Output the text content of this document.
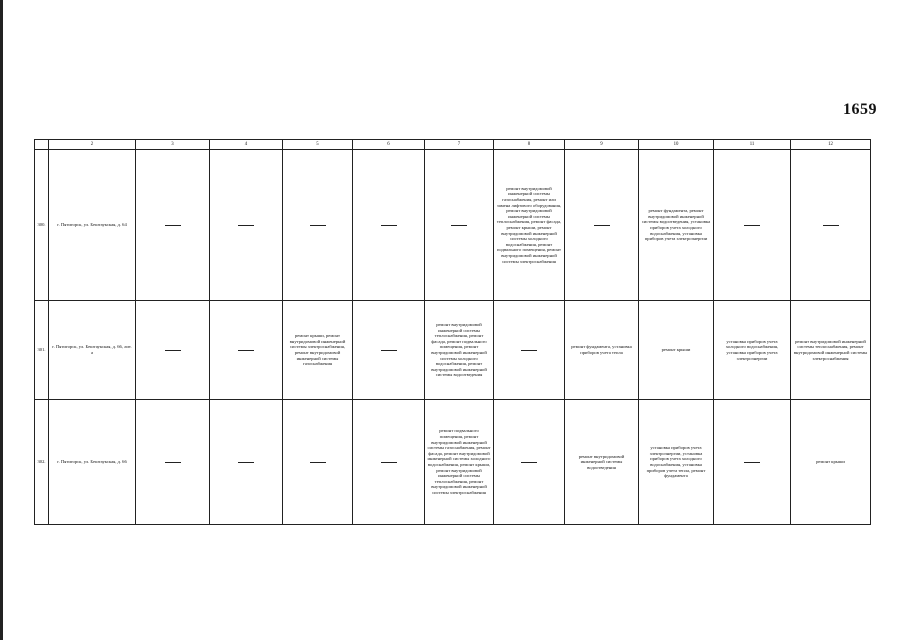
1659
	2	3	4	5	6	7	8	9	10	11	12
300.	г. Пятигорск, ул. Бештаукская, д. 64						ремонт внутридомовой инженерной системы газоснабжения, ремонт или замена лифтового оборудования, ремонт внутридомовой инженерной системы теплоснабжения, ремонт фасада, ремонт крыши, ремонт внутридомовой инженерной системы холодного водоснабжения, ремонт подвального помещения, ремонт внутридомовой инженерной системы электроснабжения		ремонт фундамента, ремонт внутридомовой инженерной системы водоотведения, установка приборов учета холодного водоснабжения, установка приборов учета электроэнергии		
301.	г. Пятигорск, ул. Бештаукская, д. 66, лит. а			ремонт крыши, ремонт внутридомовой инженерной системы электроснабжения, ремонт внутридомовой инженерной системы газоснабжения		ремонт внутридомовой инженерной системы теплоснабжения, ремонт фасада, ремонт подвального помещения, ремонт внутридомовой инженерной системы холодного водоснабжения, ремонт внутридомовой инженерной системы водоотведения		ремонт фундамента, установка приборов учета тепла	ремонт крыши	установка приборов учета холодного водоснабжения, установка приборов учета электроэнергии	ремонт внутридомовой инженерной системы теплоснабжения, ремонт внутридомовой инженерной системы электроснабжения
302.	г. Пятигорск, ул. Бештаукская, д. 66					ремонт подвального помещения, ремонт внутридомовой инженерной системы газоснабжения, ремонт фасада, ремонт внутридомовой инженерной системы холодного водоснабжения, ремонт крыши, ремонт внутридомовой инженерной системы теплоснабжения, ремонт внутридомовой инженерной системы электроснабжения		ремонт внутридомовой инженерной системы водоотведения	установка приборов учета электроэнергии, установка приборов учета холодного водоснабжения, установка приборов учета тепла, ремонт фундамента		ремонт крыши
